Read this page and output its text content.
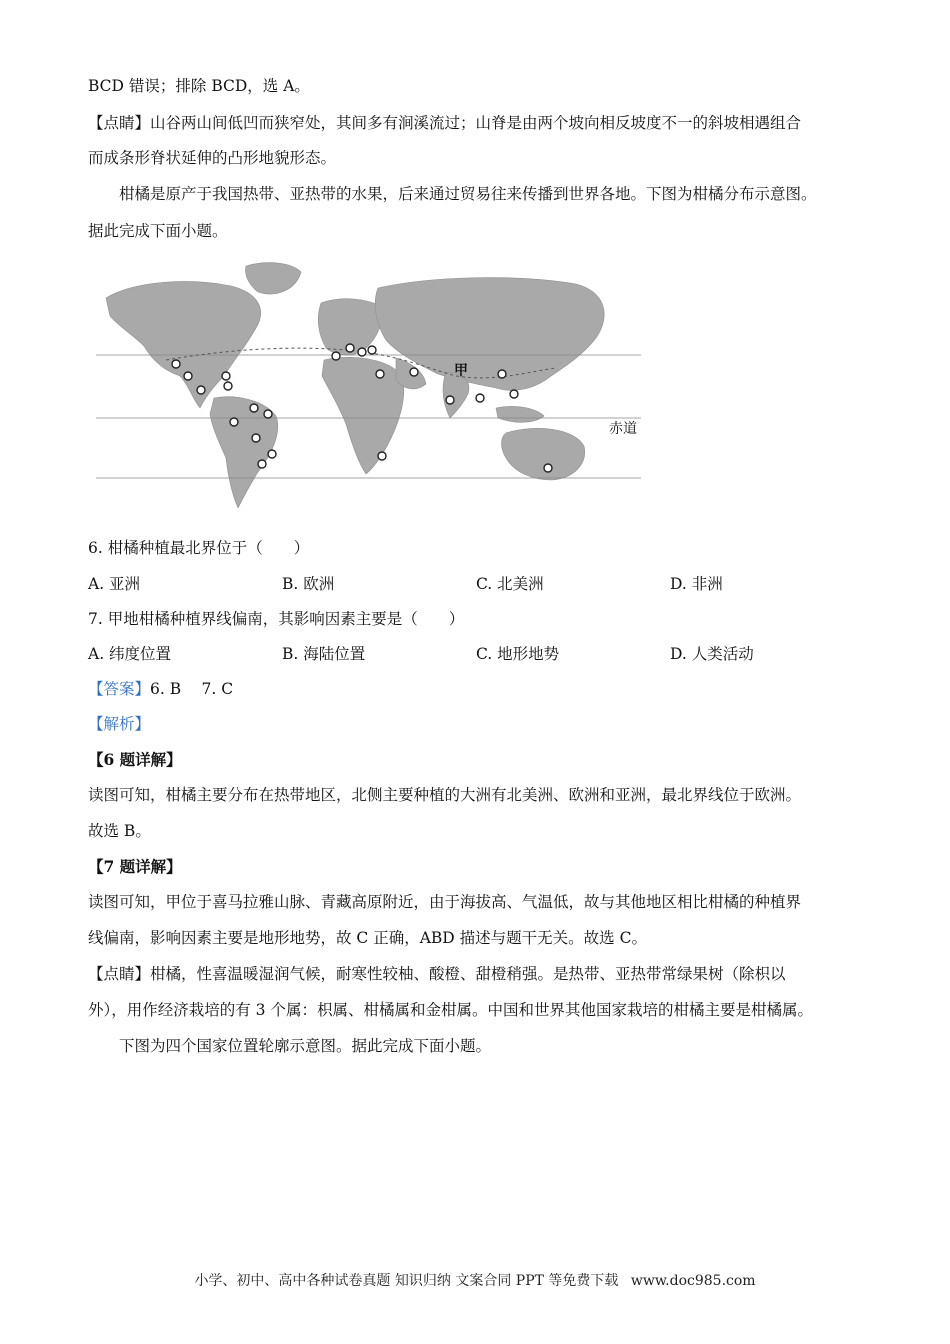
BCD 错误；排除 BCD，选 A。
【点睛】山谷两山间低凹而狭窄处，其间多有涧溪流过；山脊是由两个坡向相反坡度不一的斜坡相遇组合
而成条形脊状延伸的凸形地貌形态。
柑橘是原产于我国热带、亚热带的水果，后来通过贸易往来传播到世界各地。下图为柑橘分布示意图。
据此完成下面小题。
甲
赤道
6. 柑橘种植最北界位于（　　）
A. 亚洲	B. 欧洲	C. 北美洲	D. 非洲
7. 甲地柑橘种植界线偏南，其影响因素主要是（　　）
A. 纬度位置	B. 海陆位置	C. 地形地势	D. 人类活动
【答案】6. B　 7. C
【解析】
【6 题详解】
读图可知，柑橘主要分布在热带地区，北侧主要种植的大洲有北美洲、欧洲和亚洲，最北界线位于欧洲。
故选 B。
【7 题详解】
读图可知，甲位于喜马拉雅山脉、青藏高原附近，由于海拔高、气温低，故与其他地区相比柑橘的种植界
线偏南，影响因素主要是地形地势，故 C 正确，ABD 描述与题干无关。故选 C。
【点睛】柑橘，性喜温暖湿润气候，耐寒性较柚、酸橙、甜橙稍强。是热带、亚热带常绿果树（除枳以
外），用作经济栽培的有 3 个属：枳属、柑橘属和金柑属。中国和世界其他国家栽培的柑橘主要是柑橘属。
下图为四个国家位置轮廓示意图。据此完成下面小题。
小学、初中、高中各种试卷真题 知识归纳 文案合同 PPT 等免费下载 www.doc985.com
